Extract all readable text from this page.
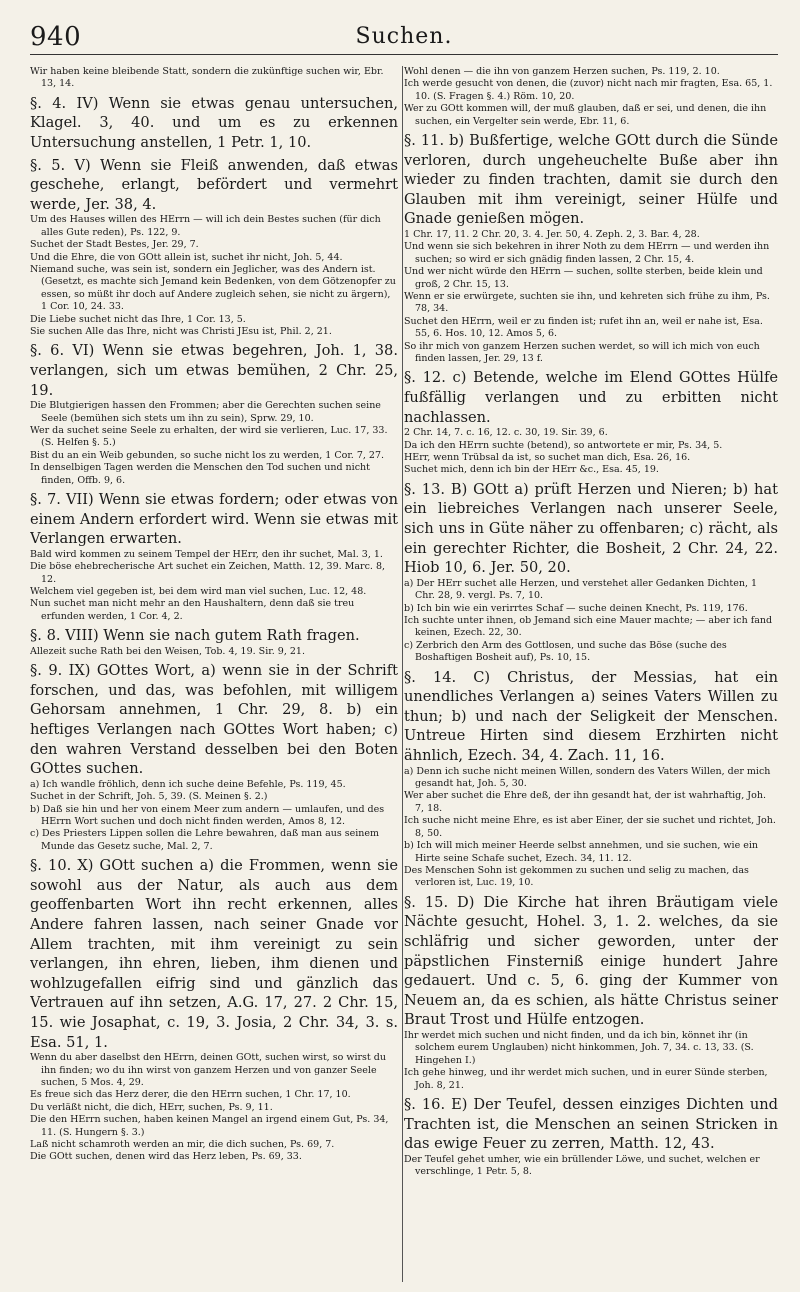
940	Suchen.

Wir haben keine bleibende Statt, sondern die zukünftige suchen wir, Ebr. 13, 14.

§. 4. IV) Wenn sie etwas genau untersuchen, Klagel. 3, 40. und um es zu erkennen Untersuchung anstellen, 1 Petr. 1, 10.

§. 5. V) Wenn sie Fleiß anwenden, daß etwas geschehe, erlangt, befördert und vermehrt werde, Jer. 38, 4.

Um des Hauses willen des HErrn — will ich dein Bestes suchen (für dich alles Gute reden), Ps. 122, 9.

Suchet der Stadt Bestes, Jer. 29, 7.

Und die Ehre, die von GOtt allein ist, suchet ihr nicht, Joh. 5, 44.

Niemand suche, was sein ist, sondern ein Jeglicher, was des Andern ist. (Gesetzt, es machte sich Jemand kein Bedenken, von dem Götzenopfer zu essen, so müßt ihr doch auf Andere zugleich sehen, sie nicht zu ärgern), 1 Cor. 10, 24. 33.

Die Liebe suchet nicht das Ihre, 1 Cor. 13, 5.

Sie suchen Alle das Ihre, nicht was Christi JEsu ist, Phil. 2, 21.

§. 6. VI) Wenn sie etwas begehren, Joh. 1, 38. verlangen, sich um etwas bemühen, 2 Chr. 25, 19.

Die Blutgierigen hassen den Frommen; aber die Gerechten suchen seine Seele (bemühen sich stets um ihn zu sein), Sprw. 29, 10.

Wer da suchet seine Seele zu erhalten, der wird sie verlieren, Luc. 17, 33. (S. Helfen §. 5.)

Bist du an ein Weib gebunden, so suche nicht los zu werden, 1 Cor. 7, 27.

In denselbigen Tagen werden die Menschen den Tod suchen und nicht finden, Offb. 9, 6.

§. 7. VII) Wenn sie etwas fordern; oder etwas von einem Andern erfordert wird. Wenn sie etwas mit Verlangen erwarten.

Bald wird kommen zu seinem Tempel der HErr, den ihr suchet, Mal. 3, 1.

Die böse ehebrecherische Art suchet ein Zeichen, Matth. 12, 39. Marc. 8, 12.

Welchem viel gegeben ist, bei dem wird man viel suchen, Luc. 12, 48.

Nun suchet man nicht mehr an den Haushaltern, denn daß sie treu erfunden werden, 1 Cor. 4, 2.

§. 8. VIII) Wenn sie nach gutem Rath fragen.

Allezeit suche Rath bei den Weisen, Tob. 4, 19. Sir. 9, 21.

§. 9. IX) GOttes Wort, a) wenn sie in der Schrift forschen, und das, was befohlen, mit willigem Gehorsam annehmen, 1 Chr. 29, 8. b) ein heftiges Verlangen nach GOttes Wort haben; c) den wahren Verstand desselben bei den Boten GOttes suchen.

a) Ich wandle fröhlich, denn ich suche deine Befehle, Ps. 119, 45.

Suchet in der Schrift, Joh. 5, 39. (S. Meinen §. 2.)

b) Daß sie hin und her von einem Meer zum andern — umlaufen, und des HErrn Wort suchen und doch nicht finden werden, Amos 8, 12.

c) Des Priesters Lippen sollen die Lehre bewahren, daß man aus seinem Munde das Gesetz suche, Mal. 2, 7.

§. 10. X) GOtt suchen a) die Frommen, wenn sie sowohl aus der Natur, als auch aus dem geoffenbarten Wort ihn recht erkennen, alles Andere fahren lassen, nach seiner Gnade vor Allem trachten, mit ihm vereinigt zu sein verlangen, ihn ehren, lieben, ihm dienen und wohlzugefallen eifrig sind und gänzlich das Vertrauen auf ihn setzen, A.G. 17, 27. 2 Chr. 15, 15. wie Josaphat, c. 19, 3. Josia, 2 Chr. 34, 3. s. Esa. 51, 1.

Wenn du aber daselbst den HErrn, deinen GOtt, suchen wirst, so wirst du ihn finden; wo du ihn wirst von ganzem Herzen und von ganzer Seele suchen, 5 Mos. 4, 29.

Es freue sich das Herz derer, die den HErrn suchen, 1 Chr. 17, 10.

Du verläßt nicht, die dich, HErr, suchen, Ps. 9, 11.

Die den HErrn suchen, haben keinen Mangel an irgend einem Gut, Ps. 34, 11. (S. Hungern §. 3.)

Laß nicht schamroth werden an mir, die dich suchen, Ps. 69, 7.

Die GOtt suchen, denen wird das Herz leben, Ps. 69, 33.

Wohl denen — die ihn von ganzem Herzen suchen, Ps. 119, 2. 10.

Ich werde gesucht von denen, die (zuvor) nicht nach mir fragten, Esa. 65, 1. 10. (S. Fragen §. 4.) Röm. 10, 20.

Wer zu GOtt kommen will, der muß glauben, daß er sei, und denen, die ihn suchen, ein Vergelter sein werde, Ebr. 11, 6.

§. 11. b) Bußfertige, welche GOtt durch die Sünde verloren, durch ungeheuchelte Buße aber ihn wieder zu finden trachten, damit sie durch den Glauben mit ihm vereinigt, seiner Hülfe und Gnade genießen mögen.

1 Chr. 17, 11. 2 Chr. 20, 3. 4. Jer. 50, 4. Zeph. 2, 3. Bar. 4, 28.

Und wenn sie sich bekehren in ihrer Noth zu dem HErrn — und werden ihn suchen; so wird er sich gnädig finden lassen, 2 Chr. 15, 4.

Und wer nicht würde den HErrn — suchen, sollte sterben, beide klein und groß, 2 Chr. 15, 13.

Wenn er sie erwürgete, suchten sie ihn, und kehreten sich frühe zu ihm, Ps. 78, 34.

Suchet den HErrn, weil er zu finden ist; rufet ihn an, weil er nahe ist, Esa. 55, 6. Hos. 10, 12. Amos 5, 6.

So ihr mich von ganzem Herzen suchen werdet, so will ich mich von euch finden lassen, Jer. 29, 13 f.

§. 12. c) Betende, welche im Elend GOttes Hülfe fußfällig verlangen und zu erbitten nicht nachlassen.

2 Chr. 14, 7. c. 16, 12. c. 30, 19. Sir. 39, 6.

Da ich den HErrn suchte (betend), so antwortete er mir, Ps. 34, 5.

HErr, wenn Trübsal da ist, so suchet man dich, Esa. 26, 16.

Suchet mich, denn ich bin der HErr &c., Esa. 45, 19.

§. 13. B) GOtt a) prüft Herzen und Nieren; b) hat ein liebreiches Verlangen nach unserer Seele, sich uns in Güte näher zu offenbaren; c) rächt, als ein gerechter Richter, die Bosheit, 2 Chr. 24, 22. Hiob 10, 6. Jer. 50, 20.

a) Der HErr suchet alle Herzen, und verstehet aller Gedanken Dichten, 1 Chr. 28, 9. vergl. Ps. 7, 10.

b) Ich bin wie ein verirrtes Schaf — suche deinen Knecht, Ps. 119, 176.

Ich suchte unter ihnen, ob Jemand sich eine Mauer machte; — aber ich fand keinen, Ezech. 22, 30.

c) Zerbrich den Arm des Gottlosen, und suche das Böse (suche des Boshaftigen Bosheit auf), Ps. 10, 15.

§. 14. C) Christus, der Messias, hat ein unendliches Verlangen a) seines Vaters Willen zu thun; b) und nach der Seligkeit der Menschen. Untreue Hirten sind diesem Erzhirten nicht ähnlich, Ezech. 34, 4. Zach. 11, 16.

a) Denn ich suche nicht meinen Willen, sondern des Vaters Willen, der mich gesandt hat, Joh. 5, 30.

Wer aber suchet die Ehre deß, der ihn gesandt hat, der ist wahrhaftig, Joh. 7, 18.

Ich suche nicht meine Ehre, es ist aber Einer, der sie suchet und richtet, Joh. 8, 50.

b) Ich will mich meiner Heerde selbst annehmen, und sie suchen, wie ein Hirte seine Schafe suchet, Ezech. 34, 11. 12.

Des Menschen Sohn ist gekommen zu suchen und selig zu machen, das verloren ist, Luc. 19, 10.

§. 15. D) Die Kirche hat ihren Bräutigam viele Nächte gesucht, Hohel. 3, 1. 2. welches, da sie schläfrig und sicher geworden, unter der päpstlichen Finsterniß einige hundert Jahre gedauert. Und c. 5, 6. ging der Kummer von Neuem an, da es schien, als hätte Christus seiner Braut Trost und Hülfe entzogen.

Ihr werdet mich suchen und nicht finden, und da ich bin, könnet ihr (in solchem eurem Unglauben) nicht hinkommen, Joh. 7, 34. c. 13, 33. (S. Hingehen I.)

Ich gehe hinweg, und ihr werdet mich suchen, und in eurer Sünde sterben, Joh. 8, 21.

§. 16. E) Der Teufel, dessen einziges Dichten und Trachten ist, die Menschen an seinen Stricken in das ewige Feuer zu zerren, Matth. 12, 43.

Der Teufel gehet umher, wie ein brüllender Löwe, und suchet, welchen er verschlinge, 1 Petr. 5, 8.
